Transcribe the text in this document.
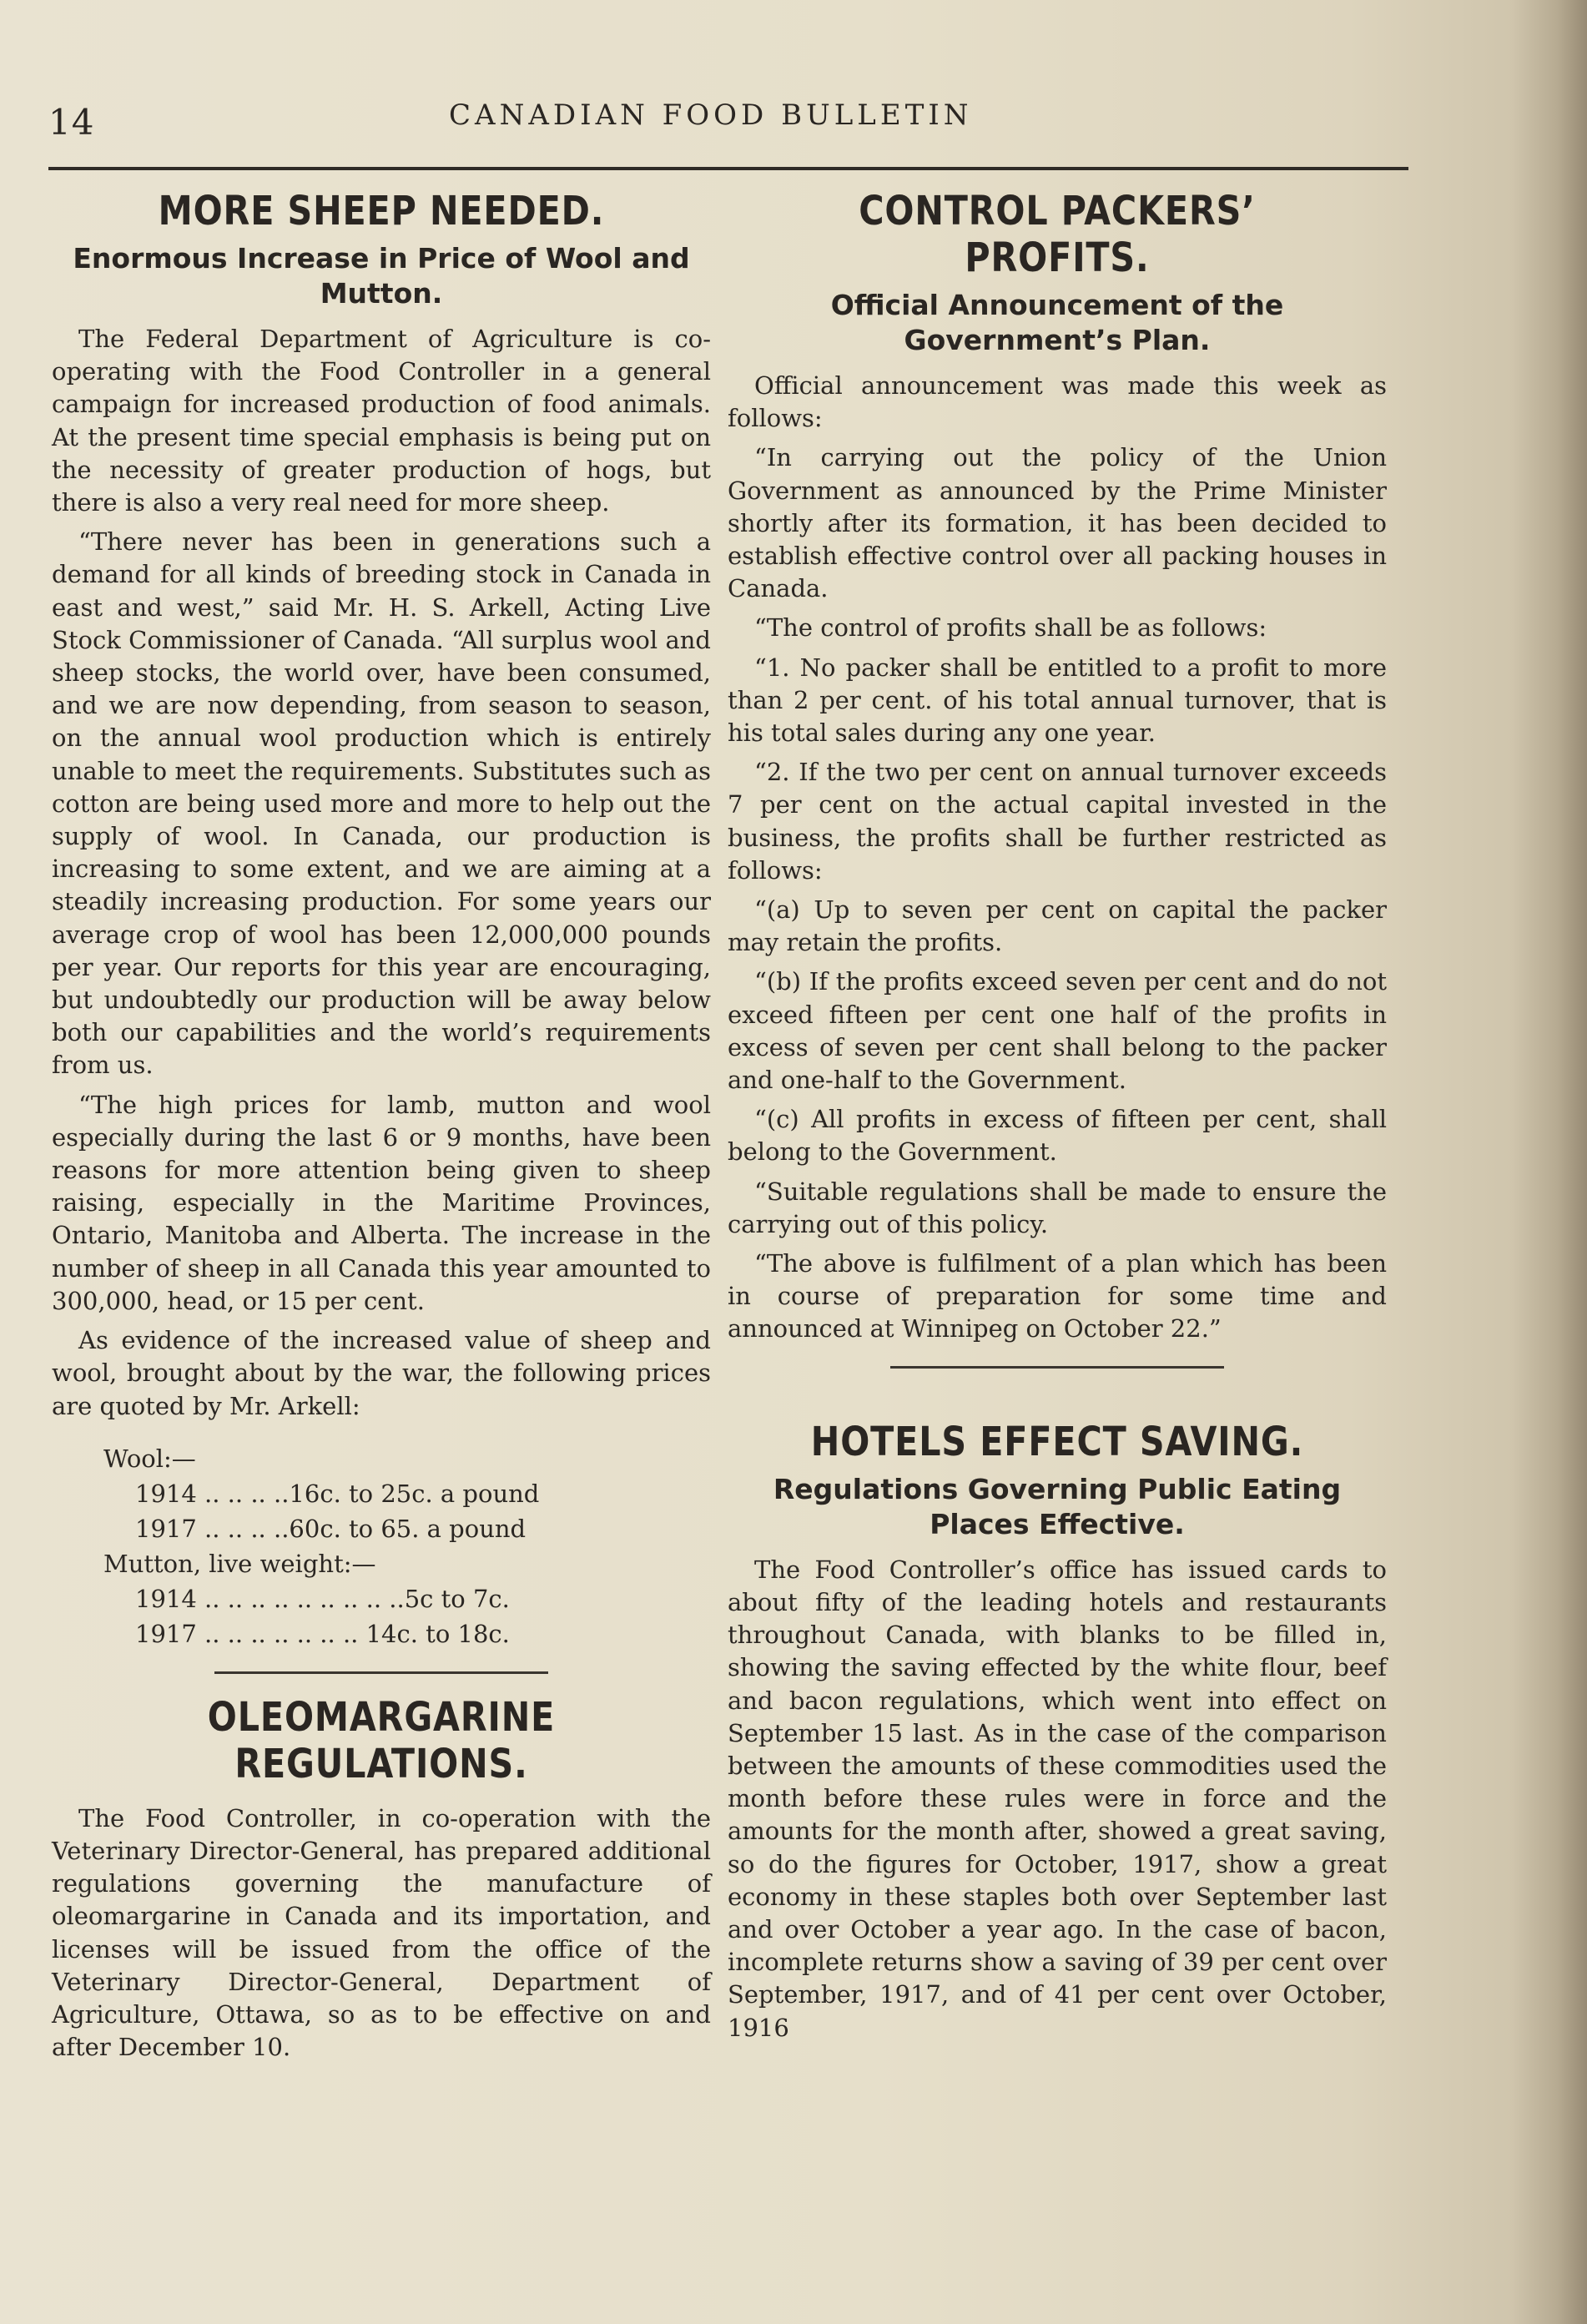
14	CANADIAN FOOD BULLETIN
MORE SHEEP NEEDED.
Enormous Increase in Price of Wool and Mutton.

The Federal Department of Agriculture is co-operating with the Food Controller in a general campaign for increased production of food animals. At the present time special emphasis is being put on the necessity of greater production of hogs, but there is also a very real need for more sheep.

“There never has been in generations such a demand for all kinds of breeding stock in Canada in east and west,” said Mr. H. S. Arkell, Acting Live Stock Commissioner of Canada. “All surplus wool and sheep stocks, the world over, have been consumed, and we are now depending, from season to season, on the annual wool production which is entirely unable to meet the requirements. Substitutes such as cotton are being used more and more to help out the supply of wool. In Canada, our production is increasing to some extent, and we are aiming at a steadily increasing production. For some years our average crop of wool has been 12,000,000 pounds per year. Our reports for this year are encouraging, but undoubtedly our production will be away below both our capabilities and the world’s requirements from us.

“The high prices for lamb, mutton and wool especially during the last 6 or 9 months, have been reasons for more attention being given to sheep raising, especially in the Maritime Provinces, Ontario, Manitoba and Alberta. The increase in the number of sheep in all Canada this year amounted to 300,000, head, or 15 per cent.

As evidence of the increased value of sheep and wool, brought about by the war, the following prices are quoted by Mr. Arkell:

Wool:—
1914 .. .. .. ..16c. to 25c. a pound
1917 .. .. .. ..60c. to 65. a pound
Mutton, live weight:—
1914 .. .. .. .. .. .. .. .. ..5c to 7c.
1917 .. .. .. .. .. .. .. 14c. to 18c.
OLEOMARGARINE REGULATIONS.

The Food Controller, in co-operation with the Veterinary Director-General, has prepared additional regulations governing the manufacture of oleomargarine in Canada and its importation, and licenses will be issued from the office of the Veterinary Director-General, Department of Agriculture, Ottawa, so as to be effective on and after December 10.

CONTROL PACKERS’ PROFITS.
Official Announcement of the Government’s Plan.

Official announcement was made this week as follows:

“In carrying out the policy of the Union Government as announced by the Prime Minister shortly after its formation, it has been decided to establish effective control over all packing houses in Canada.

“The control of profits shall be as follows:

“1. No packer shall be entitled to a profit to more than 2 per cent. of his total annual turnover, that is his total sales during any one year.

“2. If the two per cent on annual turnover exceeds 7 per cent on the actual capital invested in the business, the profits shall be further restricted as follows:

“(a) Up to seven per cent on capital the packer may retain the profits.

“(b) If the profits exceed seven per cent and do not exceed fifteen per cent one half of the profits in excess of seven per cent shall belong to the packer and one-half to the Government.

“(c) All profits in excess of fifteen per cent, shall belong to the Government.

“Suitable regulations shall be made to ensure the carrying out of this policy.

“The above is fulfilment of a plan which has been in course of preparation for some time and announced at Winnipeg on October 22.”

HOTELS EFFECT SAVING.
Regulations Governing Public Eating Places Effective.

The Food Controller’s office has issued cards to about fifty of the leading hotels and restaurants throughout Canada, with blanks to be filled in, showing the saving effected by the white flour, beef and bacon regulations, which went into effect on September 15 last. As in the case of the comparison between the amounts of these commodities used the month before these rules were in force and the amounts for the month after, showed a great saving, so do the figures for October, 1917, show a great economy in these staples both over September last and over October a year ago. In the case of bacon, incomplete returns show a saving of 39 per cent over September, 1917, and of 41 per cent over October, 1916
